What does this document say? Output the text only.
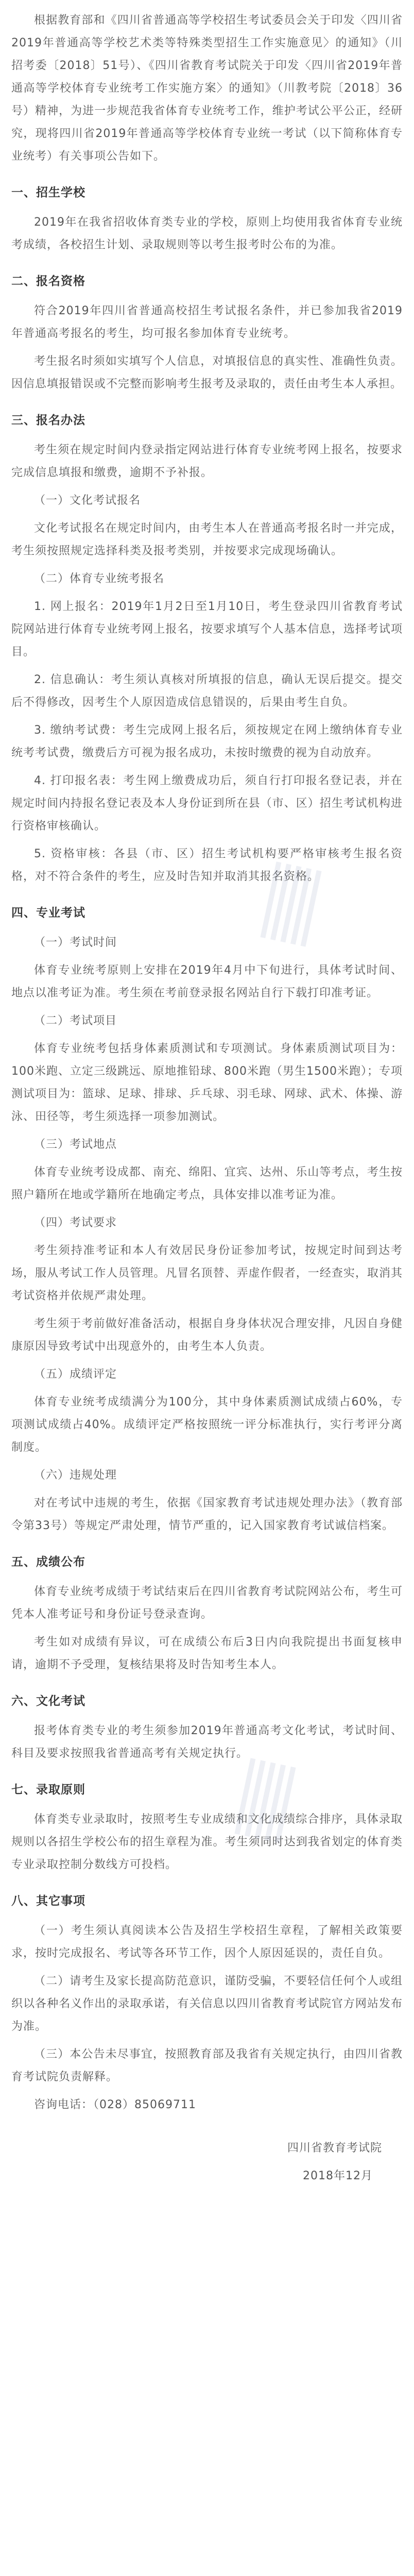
根据教育部和《四川省普通高等学校招生考试委员会关于印发〈四川省2019年普通高等学校艺术类等特殊类型招生工作实施意见〉的通知》（川招考委〔2018〕51号）、《四川省教育考试院关于印发〈四川省2019年普通高等学校体育专业统考工作实施方案〉的通知》（川教考院〔2018〕36号）精神，为进一步规范我省体育专业统考工作，维护考试公平公正，经研究，现将四川省2019年普通高等学校体育专业统一考试（以下简称体育专业统考）有关事项公告如下。

一、招生学校

2019年在我省招收体育类专业的学校，原则上均使用我省体育专业统考成绩，各校招生计划、录取规则等以考生报考时公布的为准。

二、报名资格

符合2019年四川省普通高校招生考试报名条件，并已参加我省2019年普通高考报名的考生，均可报名参加体育专业统考。

考生报名时须如实填写个人信息，对填报信息的真实性、准确性负责。因信息填报错误或不完整而影响考生报考及录取的，责任由考生本人承担。

三、报名办法

考生须在规定时间内登录指定网站进行体育专业统考网上报名，按要求完成信息填报和缴费，逾期不予补报。

（一）文化考试报名

文化考试报名在规定时间内，由考生本人在普通高考报名时一并完成，考生须按照规定选择科类及报考类别，并按要求完成现场确认。

（二）体育专业统考报名

1. 网上报名：2019年1月2日至1月10日，考生登录四川省教育考试院网站进行体育专业统考网上报名，按要求填写个人基本信息，选择考试项目。

2. 信息确认：考生须认真核对所填报的信息，确认无误后提交。提交后不得修改，因考生个人原因造成信息错误的，后果由考生自负。

3. 缴纳考试费：考生完成网上报名后，须按规定在网上缴纳体育专业统考考试费，缴费后方可视为报名成功，未按时缴费的视为自动放弃。

4. 打印报名表：考生网上缴费成功后，须自行打印报名登记表，并在规定时间内持报名登记表及本人身份证到所在县（市、区）招生考试机构进行资格审核确认。

5. 资格审核：各县（市、区）招生考试机构要严格审核考生报名资格，对不符合条件的考生，应及时告知并取消其报名资格。

四、专业考试

（一）考试时间

体育专业统考原则上安排在2019年4月中下旬进行，具体考试时间、地点以准考证为准。考生须在考前登录报名网站自行下载打印准考证。

（二）考试项目

体育专业统考包括身体素质测试和专项测试。身体素质测试项目为：100米跑、立定三级跳远、原地推铅球、800米跑（男生1500米跑）；专项测试项目为：篮球、足球、排球、乒乓球、羽毛球、网球、武术、体操、游泳、田径等，考生须选择一项参加测试。

（三）考试地点

体育专业统考设成都、南充、绵阳、宜宾、达州、乐山等考点，考生按照户籍所在地或学籍所在地确定考点，具体安排以准考证为准。

（四）考试要求

考生须持准考证和本人有效居民身份证参加考试，按规定时间到达考场，服从考试工作人员管理。凡冒名顶替、弄虚作假者，一经查实，取消其考试资格并依规严肃处理。

考生须于考前做好准备活动，根据自身身体状况合理安排，凡因自身健康原因导致考试中出现意外的，由考生本人负责。

（五）成绩评定

体育专业统考成绩满分为100分，其中身体素质测试成绩占60%，专项测试成绩占40%。成绩评定严格按照统一评分标准执行，实行考评分离制度。

（六）违规处理

对在考试中违规的考生，依据《国家教育考试违规处理办法》（教育部令第33号）等规定严肃处理，情节严重的，记入国家教育考试诚信档案。

五、成绩公布

体育专业统考成绩于考试结束后在四川省教育考试院网站公布，考生可凭本人准考证号和身份证号登录查询。

考生如对成绩有异议，可在成绩公布后3日内向我院提出书面复核申请，逾期不予受理，复核结果将及时告知考生本人。

六、文化考试

报考体育类专业的考生须参加2019年普通高考文化考试，考试时间、科目及要求按照我省普通高考有关规定执行。

七、录取原则

体育类专业录取时，按照考生专业成绩和文化成绩综合排序，具体录取规则以各招生学校公布的招生章程为准。考生须同时达到我省划定的体育类专业录取控制分数线方可投档。

八、其它事项

（一）考生须认真阅读本公告及招生学校招生章程，了解相关政策要求，按时完成报名、考试等各环节工作，因个人原因延误的，责任自负。

（二）请考生及家长提高防范意识，谨防受骗，不要轻信任何个人或组织以各种名义作出的录取承诺，有关信息以四川省教育考试院官方网站发布为准。

（三）本公告未尽事宜，按照教育部及我省有关规定执行，由四川省教育考试院负责解释。

咨询电话：（028）85069711

四川省教育考试院

2018年12月
